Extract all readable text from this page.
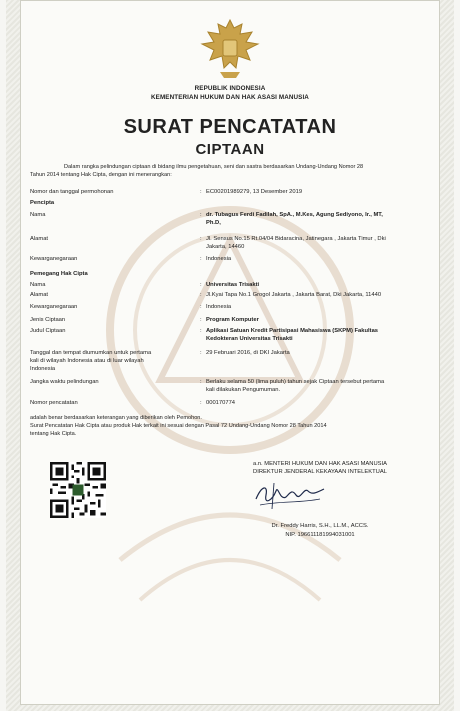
REPUBLIK INDONESIA
KEMENTERIAN HUKUM DAN HAK ASASI MANUSIA
SURAT PENCATATAN
CIPTAAN
Dalam rangka pelindungan ciptaan di bidang ilmu pengetahuan, seni dan sastra berdasarkan Undang-Undang Nomor 28
Tahun 2014 tentang Hak Cipta, dengan ini menerangkan:
Nomor dan tanggal permohonan	: EC00201989279, 13 Desember 2019
Pencipta
Nama	: dr. Tubagus Ferdi Fadilah, SpA., M.Kes, Agung Sediyono, Ir., MT,
Ph.D,
Alamat	: Jl. Sensus No.15 Rt.04/04 Bidaracina, Jatinegara , Jakarta Timur , Dki
Jakarta, 14460
Kewarganegaraan	: Indonesia
Pemegang Hak Cipta
Nama	: Universitas Trisakti
Alamat	: Jl.Kyai Tapa No.1 Grogol Jakarta , Jakarta Barat, Dki Jakarta, 11440
Kewarganegaraan	: Indonesia
Jenis Ciptaan	: Program Komputer
Judul Ciptaan	: Aplikasi Satuan Kredit Partisipasi Mahasiswa (SKPM) Fakultas
Kedokteran Universitas Trisakti
Tanggal dan tempat diumumkan untuk pertama	: 29 Februari 2016, di DKI Jakarta
kali di wilayah Indonesia atau di luar wilayah
Indonesia
Jangka waktu pelindungan	: Berlaku selama 50 (lima puluh) tahun sejak Ciptaan tersebut pertama
kali dilakukan Pengumuman.
Nomor pencatatan	: 000170774
adalah benar berdasarkan keterangan yang diberikan oleh Pemohon.
Surat Pencatatan Hak Cipta atau produk Hak terkait ini sesuai dengan Pasal 72 Undang-Undang Nomor 28 Tahun 2014
tentang Hak Cipta.
a.n. MENTERI HUKUM DAN HAK ASASI MANUSIA
DIREKTUR JENDERAL KEKAYAAN INTELEKTUAL
Dr. Freddy Harris, S.H., LL.M., ACCS.
NIP. 196611181994031001
